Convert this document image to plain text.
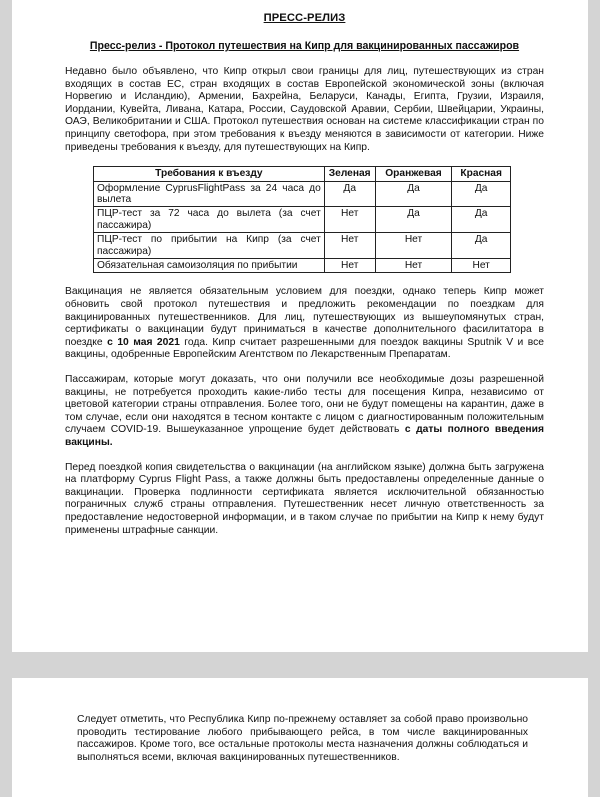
ПРЕСС-РЕЛИЗ
Пресс-релиз - Протокол путешествия на Кипр для вакцинированных пассажиров

Недавно было объявлено, что Кипр открыл свои границы для лиц, путешествующих из стран входящих в состав ЕС, стран входящих в состав Европейской экономической зоны (включая Норвегию и Исландию), Армении, Бахрейна, Беларуси, Канады, Египта, Грузии, Израиля, Иордании, Кувейта, Ливана, Катара, России, Саудовской Аравии, Сербии, Швейцарии, Украины, ОАЭ, Великобритании и США. Протокол путешествия основан на системе классификации стран по принципу светофора, при этом требования к въезду меняются в зависимости от категории. Ниже приведены требования к въезду, для путешествующих на Кипр.

Требования к въезду	Зеленая	Оранжевая	Красная
Оформление CyprusFlightPass за 24 часа до вылета	Да	Да	Да
ПЦР-тест за 72 часа до вылета (за счет пассажира)	Нет	Да	Да
ПЦР-тест по прибытии на Кипр (за счет пассажира)	Нет	Нет	Да
Обязательная самоизоляция по прибытии	Нет	Нет	Нет

Вакцинация не является обязательным условием для поездки, однако теперь Кипр может обновить свой протокол путешествия и предложить рекомендации по поездкам для вакцинированных путешественников. Для лиц, путешествующих из вышеупомянутых стран, сертификаты о вакцинации будут приниматься в качестве дополнительного фасилитатора в поездке с 10 мая 2021 года. Кипр считает разрешенными для поездок вакцины Sputnik V и все вакцины, одобренные Европейским Агентством по Лекарственным Препаратам.

Пассажирам, которые могут доказать, что они получили все необходимые дозы разрешенной вакцины, не потребуется проходить какие-либо тесты для посещения Кипра, независимо от цветовой категории страны отправления. Более того, они не будут помещены на карантин, даже в том случае, если они находятся в тесном контакте с лицом с диагностированным положительным случаем COVID-19. Вышеуказанное упрощение будет действовать с даты полного введения вакцины.

Перед поездкой копия свидетельства о вакцинации (на английском языке) должна быть загружена на платформу Cyprus Flight Pass, а также должны быть предоставлены определенные данные о вакцинации. Проверка подлинности сертификата является исключительной обязанностью пограничных служб страны отправления. Путешественник несет личную ответственность за предоставление недостоверной информации, и в таком случае по прибытии на Кипр к нему будут применены штрафные санкции.

Следует отметить, что Республика Кипр по-прежнему оставляет за собой право произвольно проводить тестирование любого прибывающего рейса, в том числе вакцинированных пассажиров. Кроме того, все остальные протоколы места назначения должны соблюдаться и выполняться всеми, включая вакцинированных путешественников.
